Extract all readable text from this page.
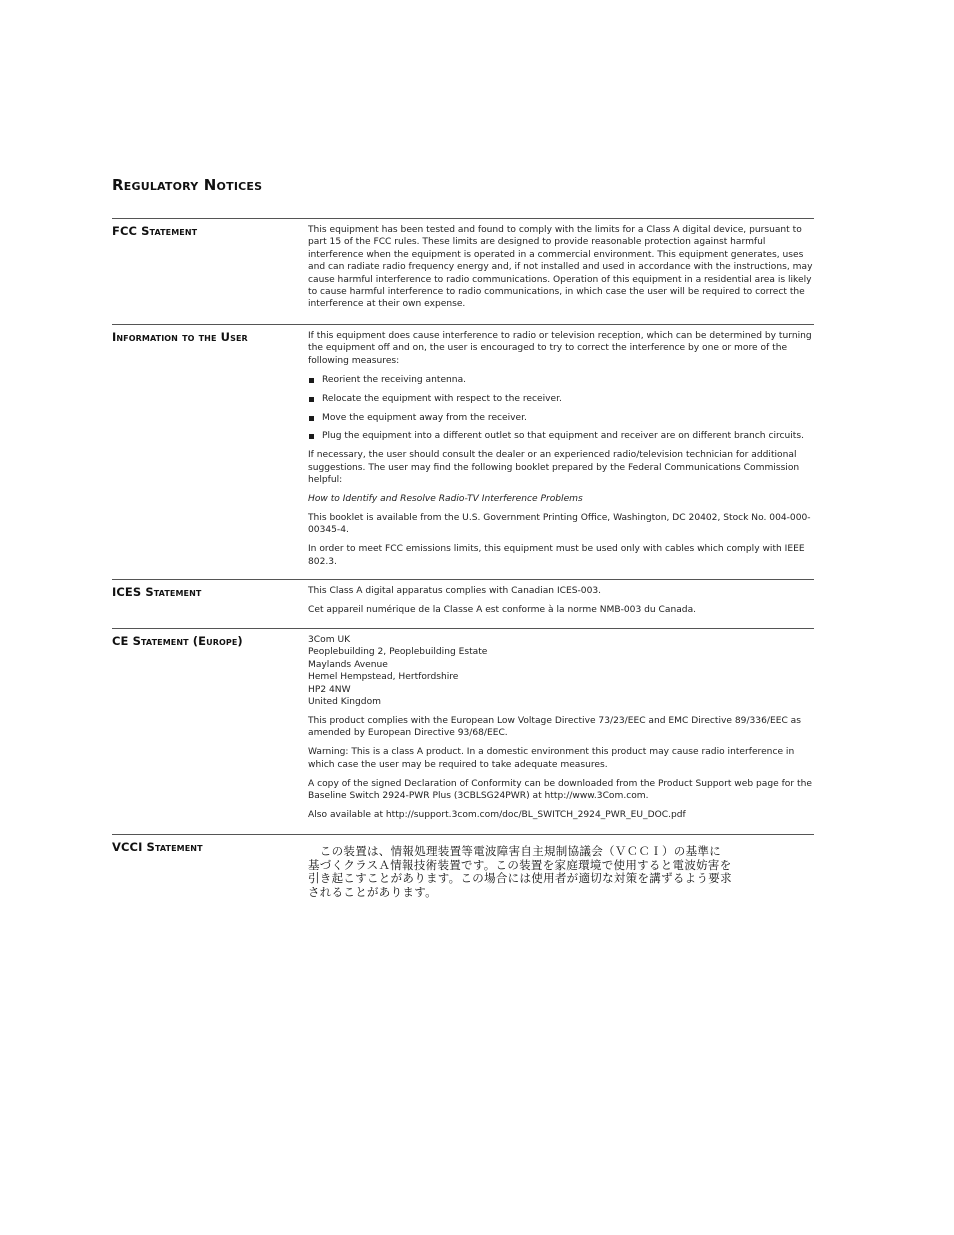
Regulatory Notices
FCC Statement	This equipment has been tested and found to comply with the limits for a Class A digital device, pursuant to part 15 of the FCC rules. These limits are designed to provide reasonable protection against harmful interference when the equipment is operated in a commercial environment. This equipment generates, uses and can radiate radio frequency energy and, if not installed and used in accordance with the instructions, may cause harmful interference to radio communications. Operation of this equipment in a residential area is likely to cause harmful interference to radio communications, in which case the user will be required to correct the interference at their own expense.

Information to the User	If this equipment does cause interference to radio or television reception, which can be determined by turning the equipment off and on, the user is encouraged to try to correct the interference by one or more of the following measures:

Reorient the receiving antenna.
Relocate the equipment with respect to the receiver.
Move the equipment away from the receiver.
Plug the equipment into a different outlet so that equipment and receiver are on different branch circuits.

If necessary, the user should consult the dealer or an experienced radio/television technician for additional suggestions. The user may find the following booklet prepared by the Federal Communications Commission helpful:

How to Identify and Resolve Radio-TV Interference Problems

This booklet is available from the U.S. Government Printing Office, Washington, DC 20402, Stock No. 004-000-00345-4.

In order to meet FCC emissions limits, this equipment must be used only with cables which comply with IEEE 802.3.

ICES Statement	This Class A digital apparatus complies with Canadian ICES-003.

Cet appareil numérique de la Classe A est conforme à la norme NMB-003 du Canada.

CE Statement (Europe)	3Com UK
Peoplebuilding 2, Peoplebuilding Estate
Maylands Avenue
Hemel Hempstead, Hertfordshire
HP2 4NW
United Kingdom

This product complies with the European Low Voltage Directive 73/23/EEC and EMC Directive 89/336/EEC as amended by European Directive 93/68/EEC.

Warning: This is a class A product. In a domestic environment this product may cause radio interference in which case the user may be required to take adequate measures.

A copy of the signed Declaration of Conformity can be downloaded from the Product Support web page for the Baseline Switch 2924-PWR Plus (3CBLSG24PWR) at http://www.3Com.com.

Also available at http://support.3com.com/doc/BL_SWITCH_2924_PWR_EU_DOC.pdf

VCCI Statement	　この装置は、情報処理装置等電波障害自主規制協議会（ＶＣＣＩ）の基準に
基づくクラスＡ情報技術装置です。この装置を家庭環境で使用すると電波妨害を
引き起こすことがあります。この場合には使用者が適切な対策を講ずるよう要求
されることがあります。
